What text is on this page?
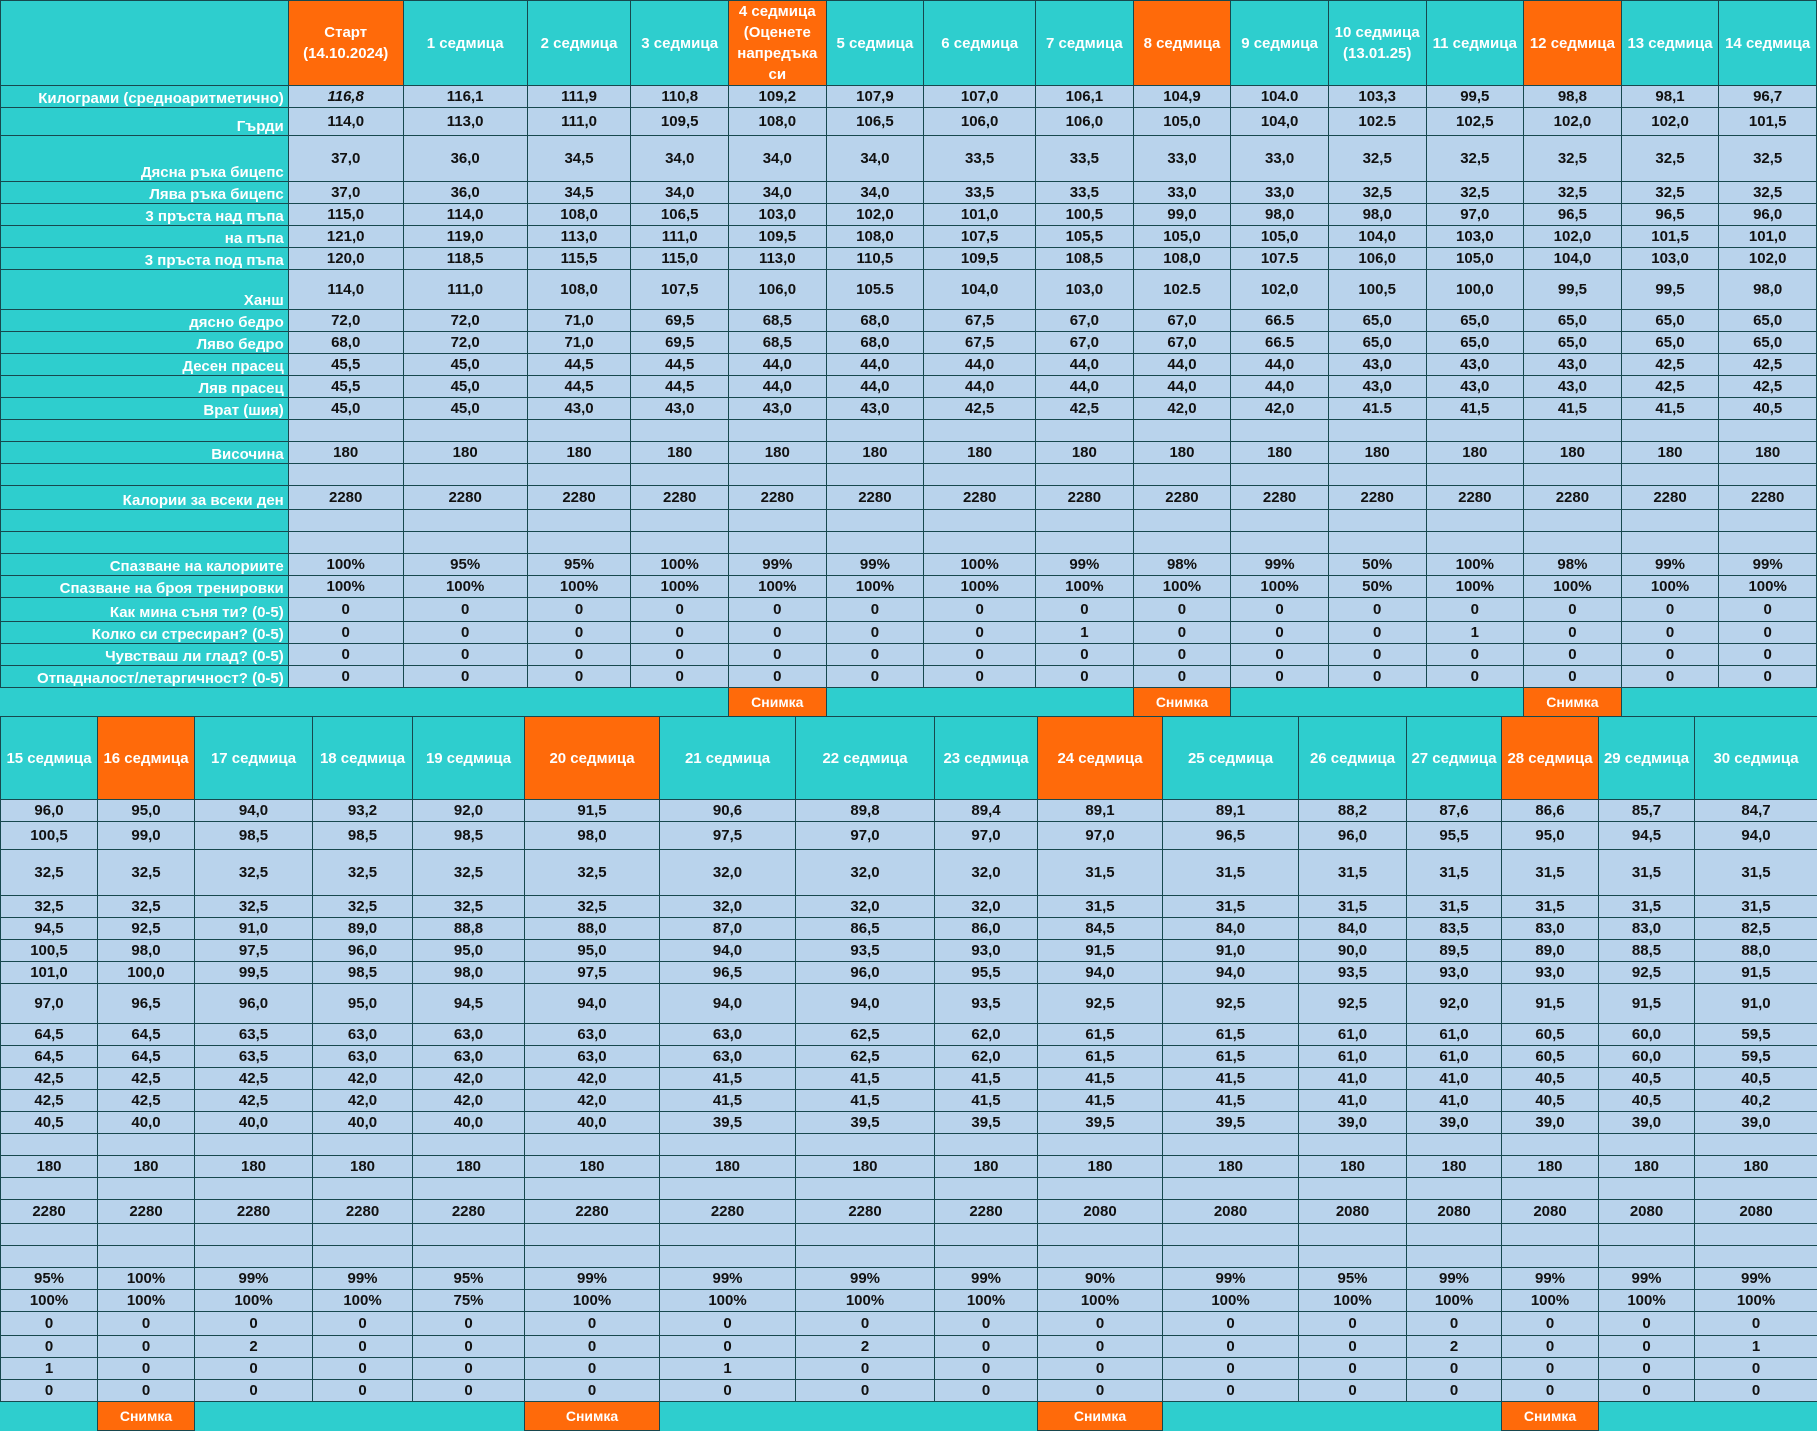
	Старт (14.10.2024)	1 седмица	2 седмица	3 седмица	4 седмица (Оценете напредъка си	5 седмица	6 седмица	7 седмица	8 седмица	9 седмица	10 седмица (13.01.25)	11 седмица	12 седмица	13 седмица	14 седмица
Килограми (средноаритметично)	116,8	116,1	111,9	110,8	109,2	107,9	107,0	106,1	104,9	104.0	103,3	99,5	98,8	98,1	96,7
Гърди	114,0	113,0	111,0	109,5	108,0	106,5	106,0	106,0	105,0	104,0	102.5	102,5	102,0	102,0	101,5
Дясна ръка бицепс	37,0	36,0	34,5	34,0	34,0	34,0	33,5	33,5	33,0	33,0	32,5	32,5	32,5	32,5	32,5
Лява ръка бицепс	37,0	36,0	34,5	34,0	34,0	34,0	33,5	33,5	33,0	33,0	32,5	32,5	32,5	32,5	32,5
3 пръста над пъпа	115,0	114,0	108,0	106,5	103,0	102,0	101,0	100,5	99,0	98,0	98,0	97,0	96,5	96,5	96,0
на пъпа	121,0	119,0	113,0	111,0	109,5	108,0	107,5	105,5	105,0	105,0	104,0	103,0	102,0	101,5	101,0
3 пръста под пъпа	120,0	118,5	115,5	115,0	113,0	110,5	109,5	108,5	108,0	107.5	106,0	105,0	104,0	103,0	102,0
Ханш	114,0	111,0	108,0	107,5	106,0	105.5	104,0	103,0	102.5	102,0	100,5	100,0	99,5	99,5	98,0
дясно бедро	72,0	72,0	71,0	69,5	68,5	68,0	67,5	67,0	67,0	66.5	65,0	65,0	65,0	65,0	65,0
Ляво бедро	68,0	72,0	71,0	69,5	68,5	68,0	67,5	67,0	67,0	66.5	65,0	65,0	65,0	65,0	65,0
Десен прасец	45,5	45,0	44,5	44,5	44,0	44,0	44,0	44,0	44,0	44,0	43,0	43,0	43,0	42,5	42,5
Ляв прасец	45,5	45,0	44,5	44,5	44,0	44,0	44,0	44,0	44,0	44,0	43,0	43,0	43,0	42,5	42,5
Врат (шия)	45,0	45,0	43,0	43,0	43,0	43,0	42,5	42,5	42,0	42,0	41.5	41,5	41,5	41,5	40,5

Височина	180	180	180	180	180	180	180	180	180	180	180	180	180	180	180

Калории за всеки ден	2280	2280	2280	2280	2280	2280	2280	2280	2280	2280	2280	2280	2280	2280	2280

Спазване на калориите	100%	95%	95%	100%	99%	99%	100%	99%	98%	99%	50%	100%	98%	99%	99%
Спазване на броя тренировки	100%	100%	100%	100%	100%	100%	100%	100%	100%	100%	50%	100%	100%	100%	100%
Как мина съня ти? (0-5)	0	0	0	0	0	0	0	0	0	0	0	0	0	0	0
Колко си стресиран? (0-5)	0	0	0	0	0	0	0	1	0	0	0	1	0	0	0
Чувстваш ли глад? (0-5)	0	0	0	0	0	0	0	0	0	0	0	0	0	0	0
Отпадналост/летаргичност? (0-5)	0	0	0	0	0	0	0	0	0	0	0	0	0	0	0
					Снимка				Снимка				Снимка		
15 седмица	16 седмица	17 седмица	18 седмица	19 седмица	20 седмица	21 седмица	22 седмица	23 седмица	24 седмица	25 седмица	26 седмица	27 седмица	28 седмица	29 седмица	30 седмица
96,0	95,0	94,0	93,2	92,0	91,5	90,6	89,8	89,4	89,1	89,1	88,2	87,6	86,6	85,7	84,7
100,5	99,0	98,5	98,5	98,5	98,0	97,5	97,0	97,0	97,0	96,5	96,0	95,5	95,0	94,5	94,0
32,5	32,5	32,5	32,5	32,5	32,5	32,0	32,0	32,0	31,5	31,5	31,5	31,5	31,5	31,5	31,5
32,5	32,5	32,5	32,5	32,5	32,5	32,0	32,0	32,0	31,5	31,5	31,5	31,5	31,5	31,5	31,5
94,5	92,5	91,0	89,0	88,8	88,0	87,0	86,5	86,0	84,5	84,0	84,0	83,5	83,0	83,0	82,5
100,5	98,0	97,5	96,0	95,0	95,0	94,0	93,5	93,0	91,5	91,0	90,0	89,5	89,0	88,5	88,0
101,0	100,0	99,5	98,5	98,0	97,5	96,5	96,0	95,5	94,0	94,0	93,5	93,0	93,0	92,5	91,5
97,0	96,5	96,0	95,0	94,5	94,0	94,0	94,0	93,5	92,5	92,5	92,5	92,0	91,5	91,5	91,0
64,5	64,5	63,5	63,0	63,0	63,0	63,0	62,5	62,0	61,5	61,5	61,0	61,0	60,5	60,0	59,5
64,5	64,5	63,5	63,0	63,0	63,0	63,0	62,5	62,0	61,5	61,5	61,0	61,0	60,5	60,0	59,5
42,5	42,5	42,5	42,0	42,0	42,0	41,5	41,5	41,5	41,5	41,5	41,0	41,0	40,5	40,5	40,5
42,5	42,5	42,5	42,0	42,0	42,0	41,5	41,5	41,5	41,5	41,5	41,0	41,0	40,5	40,5	40,2
40,5	40,0	40,0	40,0	40,0	40,0	39,5	39,5	39,5	39,5	39,5	39,0	39,0	39,0	39,0	39,0

180	180	180	180	180	180	180	180	180	180	180	180	180	180	180	180

2280	2280	2280	2280	2280	2280	2280	2280	2280	2080	2080	2080	2080	2080	2080	2080

95%	100%	99%	99%	95%	99%	99%	99%	99%	90%	99%	95%	99%	99%	99%	99%
100%	100%	100%	100%	75%	100%	100%	100%	100%	100%	100%	100%	100%	100%	100%	100%
0	0	0	0	0	0	0	0	0	0	0	0	0	0	0	0
0	0	2	0	0	0	0	2	0	0	0	0	2	0	0	1
1	0	0	0	0	0	1	0	0	0	0	0	0	0	0	0
0	0	0	0	0	0	0	0	0	0	0	0	0	0	0	0
	Снимка				Снимка				Снимка				Снимка		
